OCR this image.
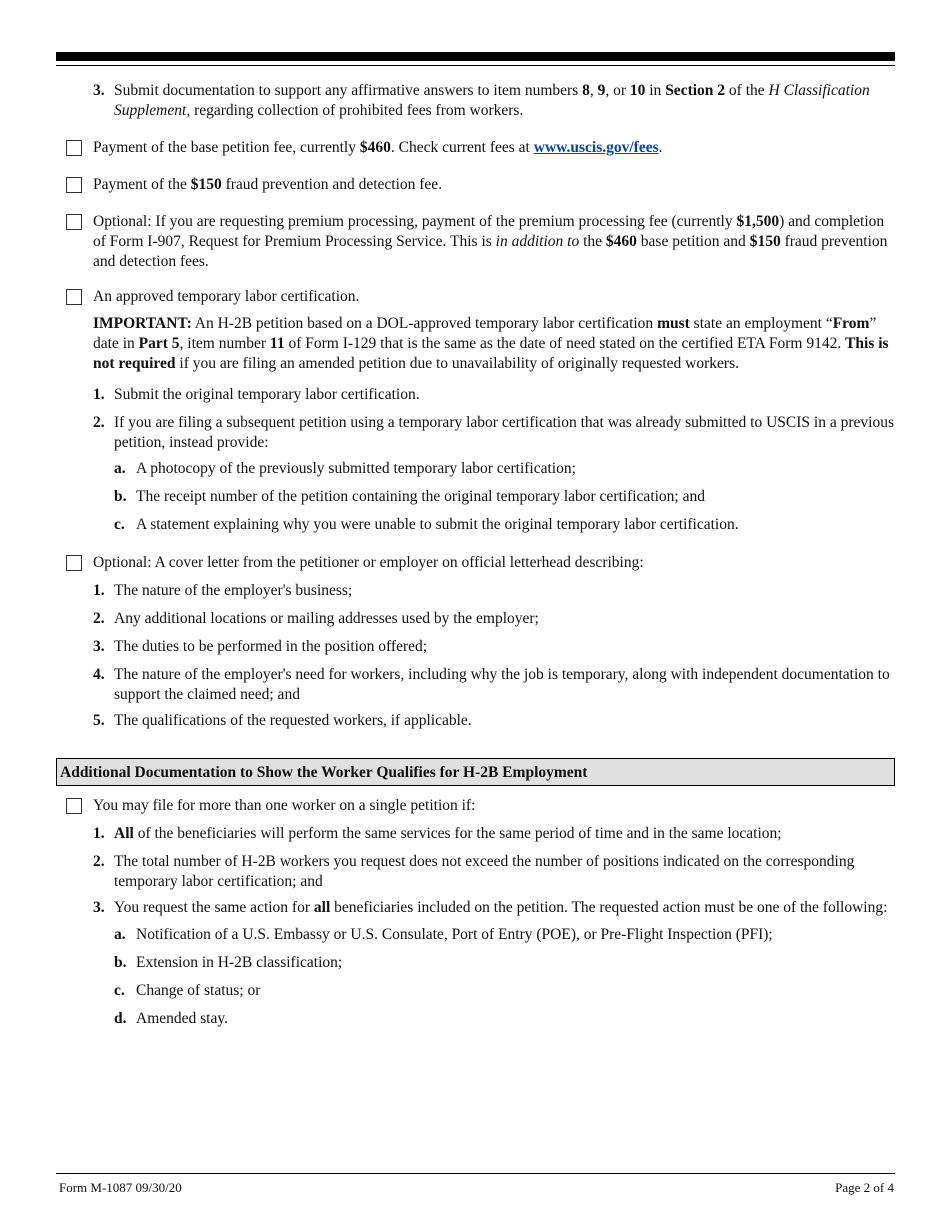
3. Submit documentation to support any affirmative answers to item numbers 8, 9, or 10 in Section 2 of the H Classification Supplement, regarding collection of prohibited fees from workers.
Payment of the base petition fee, currently $460. Check current fees at www.uscis.gov/fees.
Payment of the $150 fraud prevention and detection fee.
Optional: If you are requesting premium processing, payment of the premium processing fee (currently $1,500) and completion of Form I-907, Request for Premium Processing Service. This is in addition to the $460 base petition and $150 fraud prevention and detection fees.
An approved temporary labor certification.
IMPORTANT: An H-2B petition based on a DOL-approved temporary labor certification must state an employment “From” date in Part 5, item number 11 of Form I-129 that is the same as the date of need stated on the certified ETA Form 9142. This is not required if you are filing an amended petition due to unavailability of originally requested workers.
1. Submit the original temporary labor certification.
2. If you are filing a subsequent petition using a temporary labor certification that was already submitted to USCIS in a previous petition, instead provide:
a. A photocopy of the previously submitted temporary labor certification;
b. The receipt number of the petition containing the original temporary labor certification; and
c. A statement explaining why you were unable to submit the original temporary labor certification.
Optional: A cover letter from the petitioner or employer on official letterhead describing:
1. The nature of the employer's business;
2. Any additional locations or mailing addresses used by the employer;
3. The duties to be performed in the position offered;
4. The nature of the employer's need for workers, including why the job is temporary, along with independent documentation to support the claimed need; and
5. The qualifications of the requested workers, if applicable.
Additional Documentation to Show the Worker Qualifies for H-2B Employment
You may file for more than one worker on a single petition if:
1. All of the beneficiaries will perform the same services for the same period of time and in the same location;
2. The total number of H-2B workers you request does not exceed the number of positions indicated on the corresponding temporary labor certification; and
3. You request the same action for all beneficiaries included on the petition. The requested action must be one of the following:
a. Notification of a U.S. Embassy or U.S. Consulate, Port of Entry (POE), or Pre-Flight Inspection (PFI);
b. Extension in H-2B classification;
c. Change of status; or
d. Amended stay.
Form M-1087 09/30/20	Page 2 of 4
